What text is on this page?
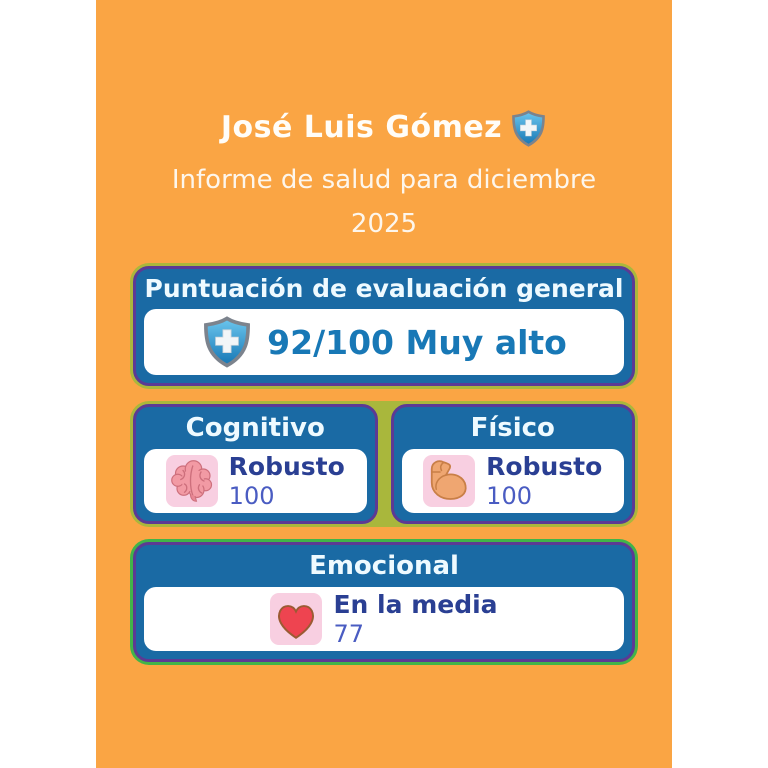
José Luis Gómez
Informe de salud para diciembre
2025
Puntuación de evaluación general
92/100 Muy alto
Cognitivo
Robusto
100
Físico
Robusto
100
Emocional
En la media
77
